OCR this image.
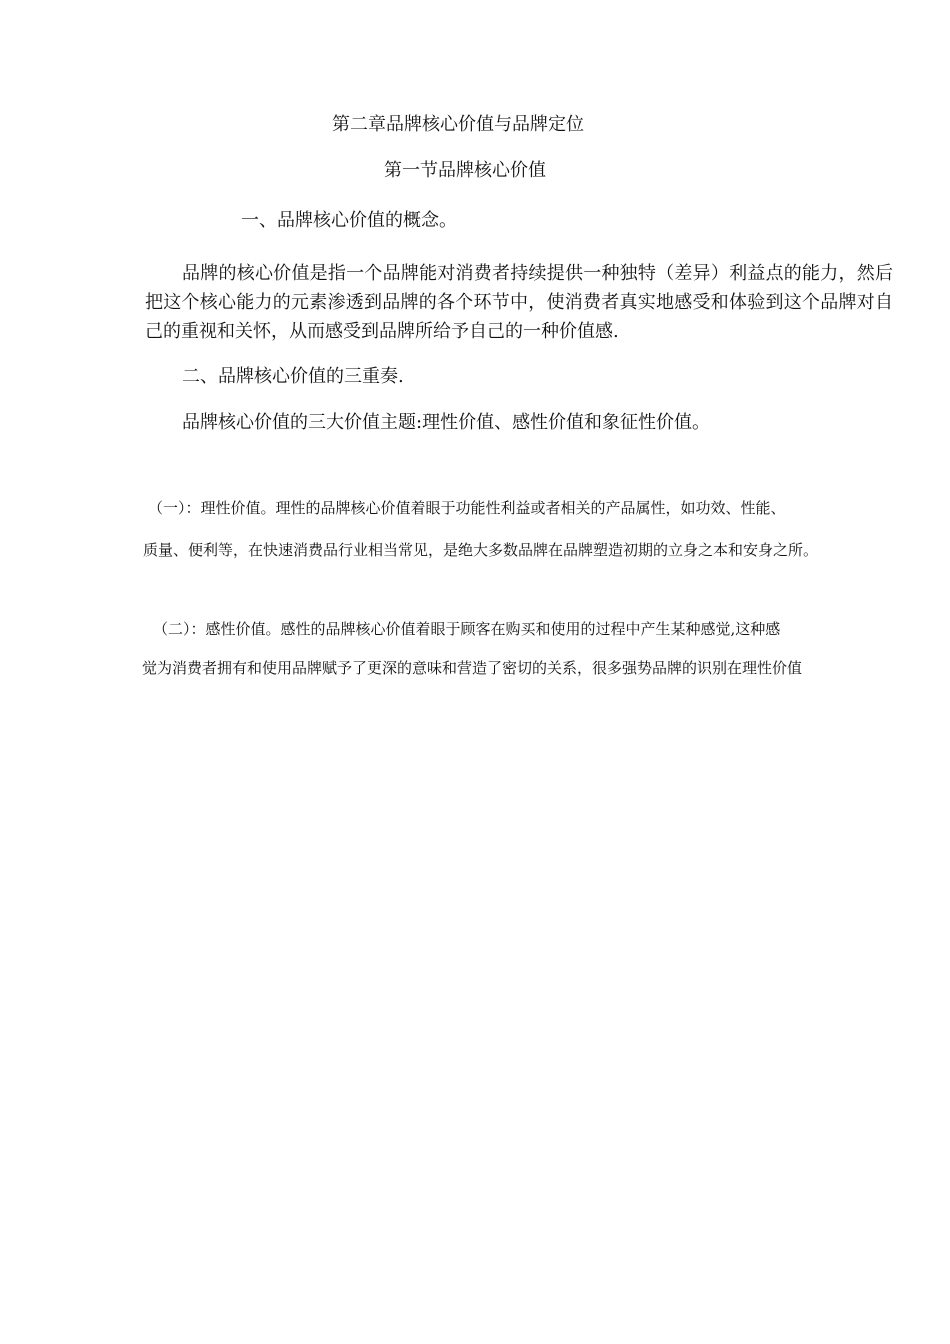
第二章品牌核心价值与品牌定位

第一节品牌核心价值

一、品牌核心价值的概念。

品牌的核心价值是指一个品牌能对消费者持续提供一种独特（差异）利益点的能力，然后把这个核心能力的元素渗透到品牌的各个环节中，使消费者真实地感受和体验到这个品牌对自己的重视和关怀，从而感受到品牌所给予自己的一种价值感.

二、品牌核心价值的三重奏.

品牌核心价值的三大价值主题:理性价值、感性价值和象征性价值。

（一）：理性价值。理性的品牌核心价值着眼于功能性利益或者相关的产品属性，如功效、性能、

质量、便利等，在快速消费品行业相当常见，是绝大多数品牌在品牌塑造初期的立身之本和安身之所。

（二）：感性价值。感性的品牌核心价值着眼于顾客在购买和使用的过程中产生某种感觉,这种感

觉为消费者拥有和使用品牌赋予了更深的意味和营造了密切的关系，很多强势品牌的识别在理性价值
